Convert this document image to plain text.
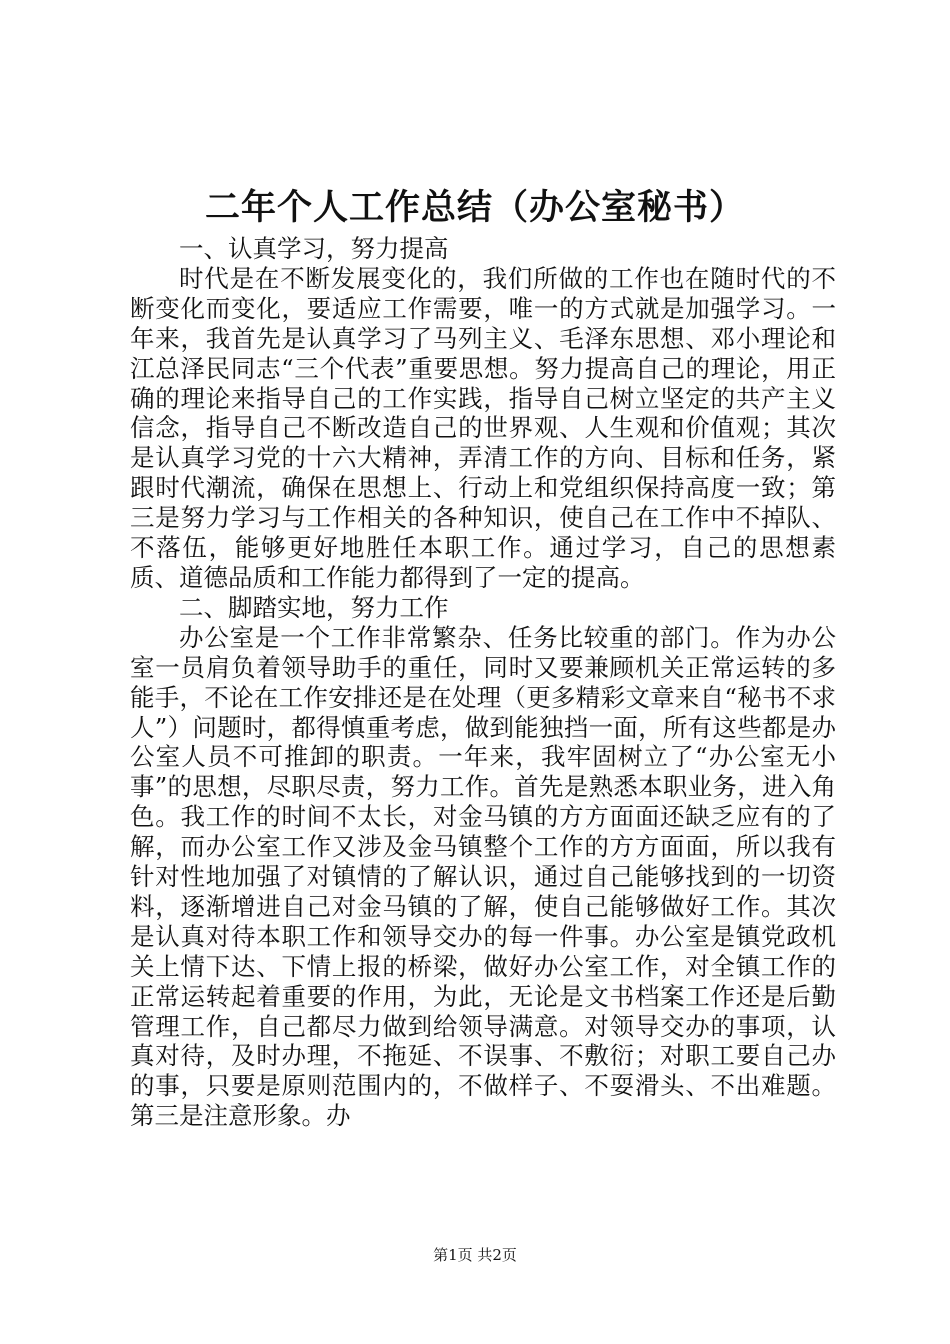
二年个人工作总结（办公室秘书）

一、认真学习，努力提高

时代是在不断发展变化的，我们所做的工作也在随时代的不断变化而变化，要适应工作需要，唯一的方式就是加强学习。一年来，我首先是认真学习了马列主义、毛泽东思想、邓小理论和江总泽民同志“三个代表”重要思想。努力提高自己的理论，用正确的理论来指导自己的工作实践，指导自己树立坚定的共产主义信念，指导自己不断改造自己的世界观、人生观和价值观；其次是认真学习党的十六大精神，弄清工作的方向、目标和任务，紧跟时代潮流，确保在思想上、行动上和党组织保持高度一致；第三是努力学习与工作相关的各种知识，使自己在工作中不掉队、不落伍，能够更好地胜任本职工作。通过学习，自己的思想素质、道德品质和工作能力都得到了一定的提高。

二、脚踏实地，努力工作

办公室是一个工作非常繁杂、任务比较重的部门。作为办公室一员肩负着领导助手的重任，同时又要兼顾机关正常运转的多能手，不论在工作安排还是在处理（更多精彩文章来自“秘书不求人”）问题时，都得慎重考虑，做到能独挡一面，所有这些都是办公室人员不可推卸的职责。一年来，我牢固树立了“办公室无小事”的思想，尽职尽责，努力工作。首先是熟悉本职业务，进入角色。我工作的时间不太长，对金马镇的方方面面还缺乏应有的了解，而办公室工作又涉及金马镇整个工作的方方面面，所以我有针对性地加强了对镇情的了解认识，通过自己能够找到的一切资料，逐渐增进自己对金马镇的了解，使自己能够做好工作。其次是认真对待本职工作和领导交办的每一件事。办公室是镇党政机关上情下达、下情上报的桥梁，做好办公室工作，对全镇工作的正常运转起着重要的作用，为此，无论是文书档案工作还是后勤管理工作，自己都尽力做到给领导满意。对领导交办的事项，认真对待，及时办理，不拖延、不误事、不敷衍；对职工要自己办的事，只要是原则范围内的，不做样子、不耍滑头、不出难题。第三是注意形象。办

第1页 共2页
